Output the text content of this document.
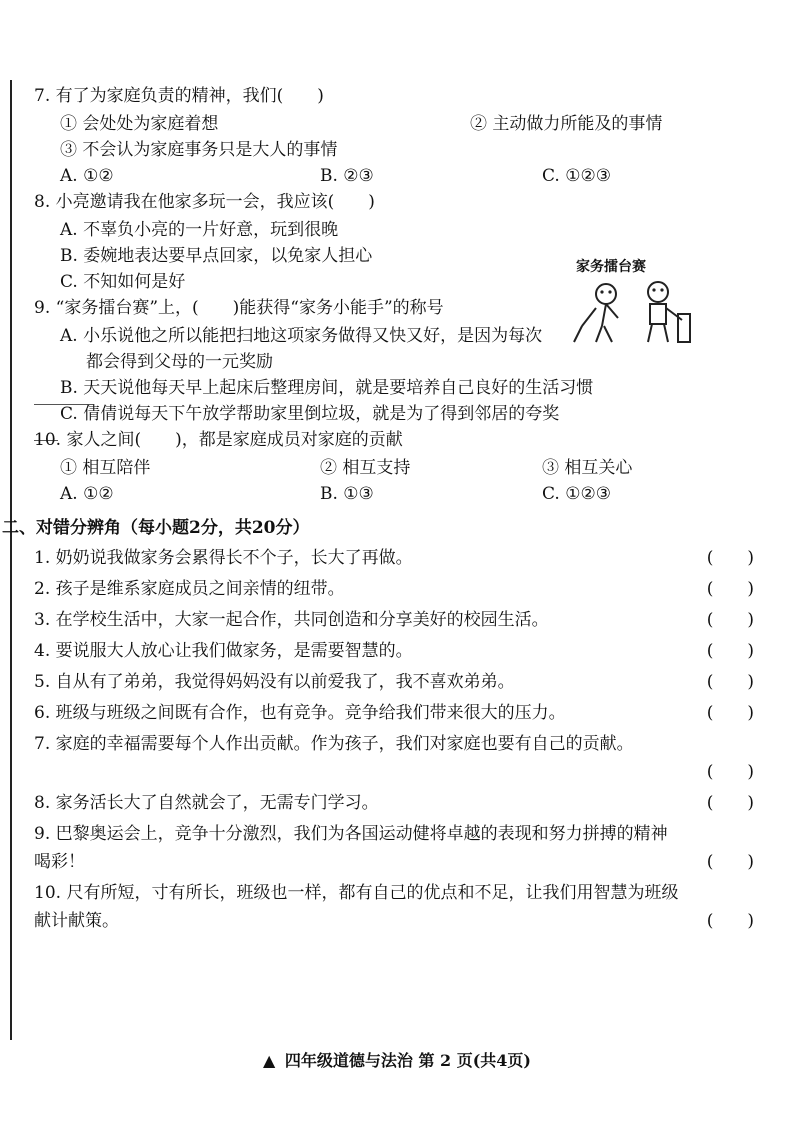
家务擂台赛
7. 有了为家庭负责的精神，我们(　　)
① 会处处为家庭着想	② 主动做力所能及的事情
③ 不会认为家庭事务只是大人的事情
A. ①②	B. ②③	C. ①②③
8. 小亮邀请我在他家多玩一会，我应该(　　)
A. 不辜负小亮的一片好意，玩到很晚
B. 委婉地表达要早点回家，以免家人担心
C. 不知如何是好
9. “家务擂台赛”上，(　　)能获得“家务小能手”的称号
A. 小乐说他之所以能把扫地这项家务做得又快又好，是因为每次
都会得到父母的一元奖励
B. 天天说他每天早上起床后整理房间，就是要培养自己良好的生活习惯
C. 倩倩说每天下午放学帮助家里倒垃圾，就是为了得到邻居的夸奖
10. 家人之间(　　)，都是家庭成员对家庭的贡献
① 相互陪伴	② 相互支持	③ 相互关心
A. ①②	B. ①③	C. ①②③
二、对错分辨角（每小题2分，共20分）
1. 奶奶说我做家务会累得长不个子，长大了再做。	(　　)
2. 孩子是维系家庭成员之间亲情的纽带。	(　　)
3. 在学校生活中，大家一起合作，共同创造和分享美好的校园生活。	(　　)
4. 要说服大人放心让我们做家务，是需要智慧的。	(　　)
5. 自从有了弟弟，我觉得妈妈没有以前爱我了，我不喜欢弟弟。	(　　)
6. 班级与班级之间既有合作，也有竞争。竞争给我们带来很大的压力。	(　　)
7. 家庭的幸福需要每个人作出贡献。作为孩子，我们对家庭也要有自己的贡献。
(　　)
8. 家务活长大了自然就会了，无需专门学习。	(　　)
9. 巴黎奥运会上，竞争十分激烈，我们为各国运动健将卓越的表现和努力拼搏的精神
喝彩！	(　　)
10. 尺有所短，寸有所长，班级也一样，都有自己的优点和不足，让我们用智慧为班级
献计献策。	(　　)
▲ 四年级道德与法治 第 2 页(共4页)
